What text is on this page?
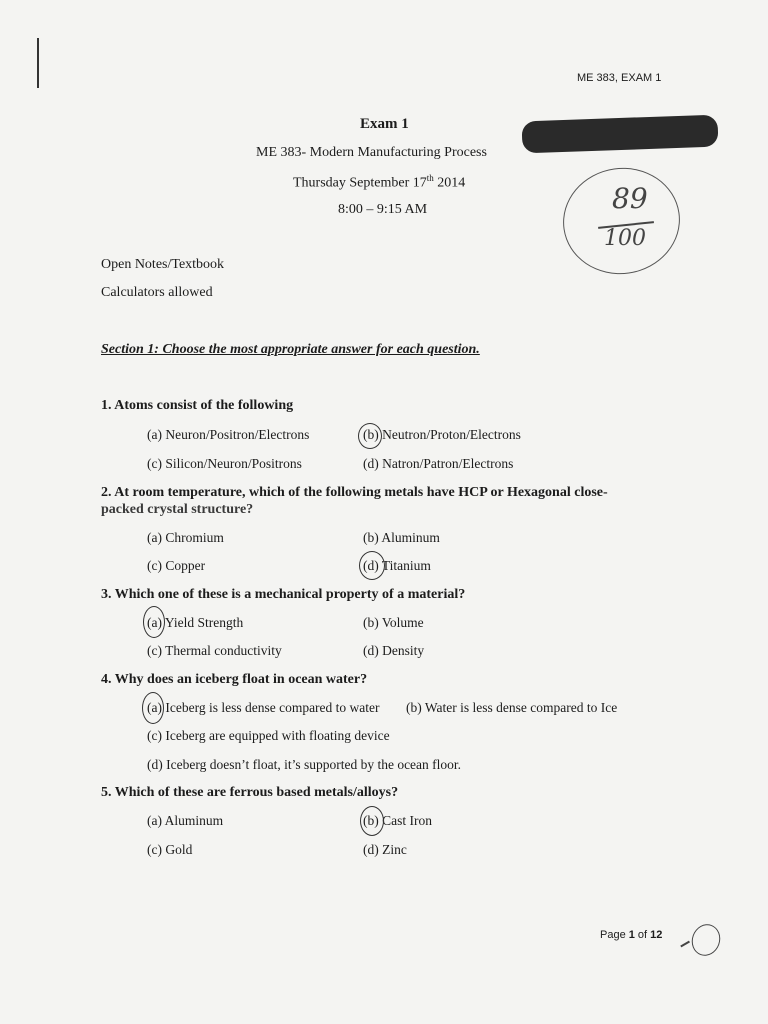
ME 383, EXAM 1
Exam 1
ME 383- Modern Manufacturing Process
Thursday September 17th 2014
8:00 – 9:15 AM	89
100
Open Notes/Textbook
Calculators allowed
Section 1: Choose the most appropriate answer for each question.
1. Atoms consist of the following
(a) Neuron/Positron/Electrons	(b) Neutron/Proton/Electrons
(c) Silicon/Neuron/Positrons	(d) Natron/Patron/Electrons
2. At room temperature, which of the following metals have HCP or Hexagonal close-
packed crystal structure?
(a) Chromium	(b) Aluminum
(c) Copper	(d) Titanium
3. Which one of these is a mechanical property of a material?
(a) Yield Strength	(b) Volume
(c) Thermal conductivity	(d) Density
4. Why does an iceberg float in ocean water?
(a) Iceberg is less dense compared to water (b) Water is less dense compared to Ice
(c) Iceberg are equipped with floating device
(d) Iceberg doesn’t float, it’s supported by the ocean floor.
5. Which of these are ferrous based metals/alloys?
(a) Aluminum	(b) Cast Iron
(c) Gold	(d) Zinc
Page 1 of 12
